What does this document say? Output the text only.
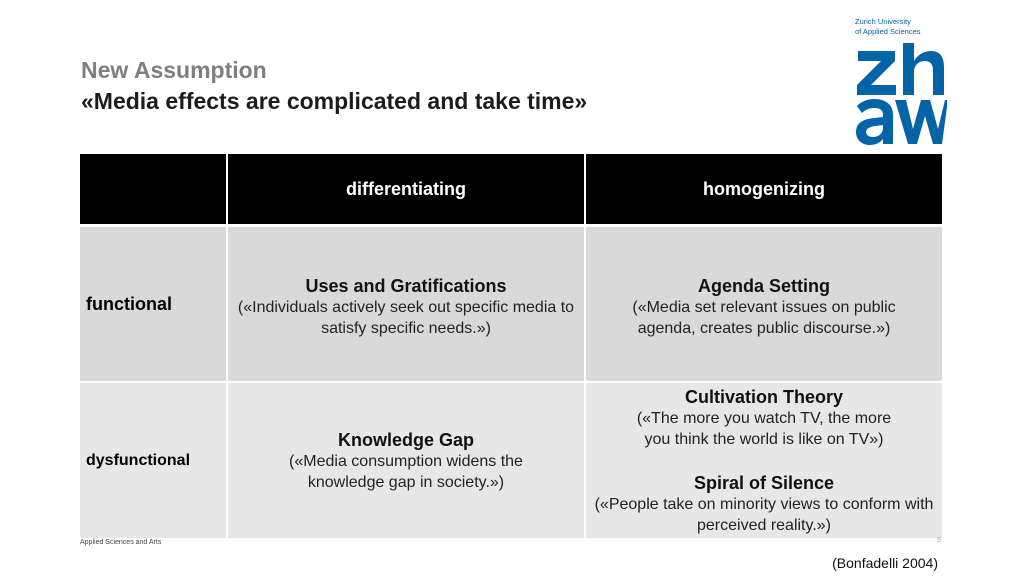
New Assumption
«Media effects are complicated and take time»
Zurich University
of Applied Sciences
differentiating	homogenizing
functional
Uses and Gratifications
(«Individuals actively seek out specific media to satisfy specific needs.»)
Agenda Setting
(«Media set relevant issues on public agenda, creates public discourse.»)
dysfunctional
Knowledge Gap
(«Media consumption widens the knowledge gap in society.»)
Cultivation Theory
(«The more you watch TV, the more you think the world is like on TV»)
Spiral of Silence
(«People take on minority views to conform with perceived reality.»)
Applied Sciences and Arts	5
(Bonfadelli 2004)
